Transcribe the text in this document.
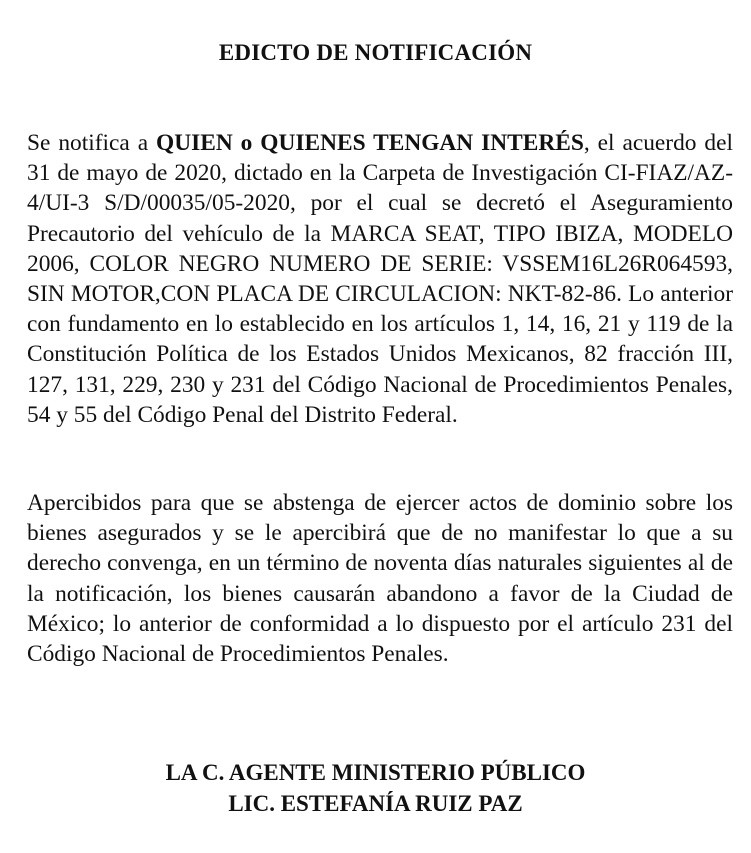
EDICTO DE NOTIFICACIÓN

Se notifica a QUIEN o QUIENES TENGAN INTERÉS, el acuerdo del 31 de mayo de 2020, dictado en la Carpeta de Investigación CI-FIAZ/AZ-4/UI-3 S/D/00035/05-2020, por el cual se decretó el Aseguramiento Precautorio del vehículo de la MARCA SEAT, TIPO IBIZA, MODELO 2006, COLOR NEGRO NUMERO DE SERIE: VSSEM16L26R064593, SIN MOTOR,CON PLACA DE CIRCULACION: NKT-82-86. Lo anterior con fundamento en lo establecido en los artículos 1, 14, 16, 21 y 119 de la Constitución Política de los Estados Unidos Mexicanos, 82 fracción III, 127, 131, 229, 230 y 231 del Código Nacional de Procedimientos Penales, 54 y 55 del Código Penal del Distrito Federal.

Apercibidos para que se abstenga de ejercer actos de dominio sobre los bienes asegurados y se le apercibirá que de no manifestar lo que a su derecho convenga, en un término de noventa días naturales siguientes al de la notificación, los bienes causarán abandono a favor de la Ciudad de México; lo anterior de conformidad a lo dispuesto por el artículo 231 del Código Nacional de Procedimientos Penales.

LA C. AGENTE MINISTERIO PÚBLICO

LIC. ESTEFANÍA RUIZ PAZ
